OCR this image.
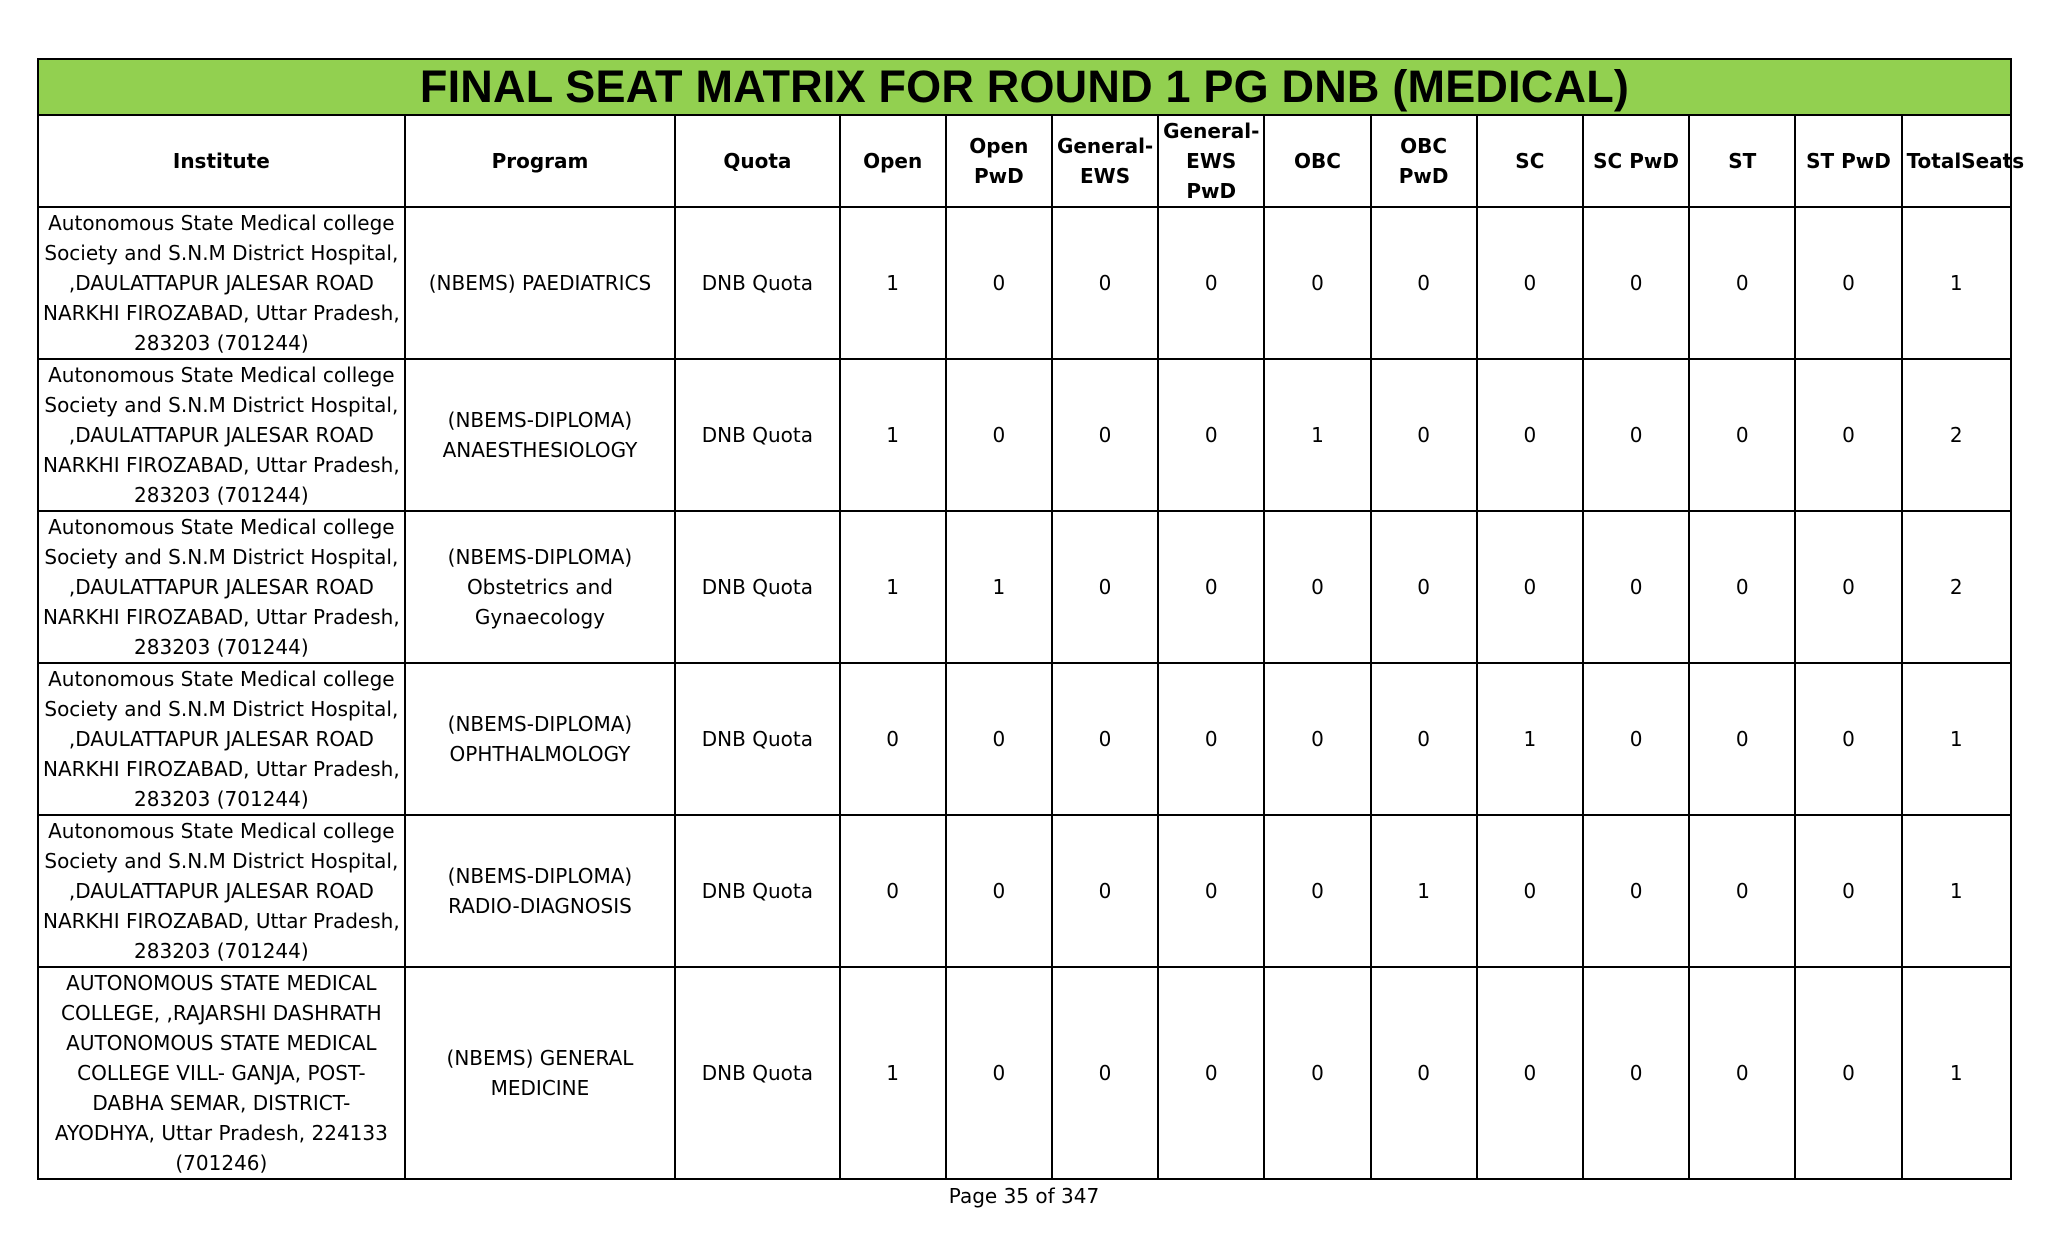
FINAL SEAT MATRIX FOR ROUND 1 PG DNB (MEDICAL)													
Institute	Program	Quota	Open	Open PwD	General-EWS	General-EWS PwD	OBC	OBC PwD	SC	SC PwD	ST	ST PwD	TotalSeats
Autonomous State Medical college Society and S.N.M District Hospital, ,DAULATTAPUR JALESAR ROAD NARKHI FIROZABAD, Uttar Pradesh, 283203 (701244)	(NBEMS) PAEDIATRICS	DNB Quota	1	0	0	0	0	0	0	0	0	0	1
Autonomous State Medical college Society and S.N.M District Hospital, ,DAULATTAPUR JALESAR ROAD NARKHI FIROZABAD, Uttar Pradesh, 283203 (701244)	(NBEMS-DIPLOMA) ANAESTHESIOLOGY	DNB Quota	1	0	0	0	1	0	0	0	0	0	2
Autonomous State Medical college Society and S.N.M District Hospital, ,DAULATTAPUR JALESAR ROAD NARKHI FIROZABAD, Uttar Pradesh, 283203 (701244)	(NBEMS-DIPLOMA) Obstetrics and Gynaecology	DNB Quota	1	1	0	0	0	0	0	0	0	0	2
Autonomous State Medical college Society and S.N.M District Hospital, ,DAULATTAPUR JALESAR ROAD NARKHI FIROZABAD, Uttar Pradesh, 283203 (701244)	(NBEMS-DIPLOMA) OPHTHALMOLOGY	DNB Quota	0	0	0	0	0	0	1	0	0	0	1
Autonomous State Medical college Society and S.N.M District Hospital, ,DAULATTAPUR JALESAR ROAD NARKHI FIROZABAD, Uttar Pradesh, 283203 (701244)	(NBEMS-DIPLOMA) RADIO-DIAGNOSIS	DNB Quota	0	0	0	0	0	1	0	0	0	0	1
AUTONOMOUS STATE MEDICAL COLLEGE, ,RAJARSHI DASHRATH AUTONOMOUS STATE MEDICAL COLLEGE VILL- GANJA, POST- DABHA SEMAR, DISTRICT- AYODHYA, Uttar Pradesh, 224133 (701246)	(NBEMS) GENERAL MEDICINE	DNB Quota	1	0	0	0	0	0	0	0	0	0	1
Page 35 of 347
